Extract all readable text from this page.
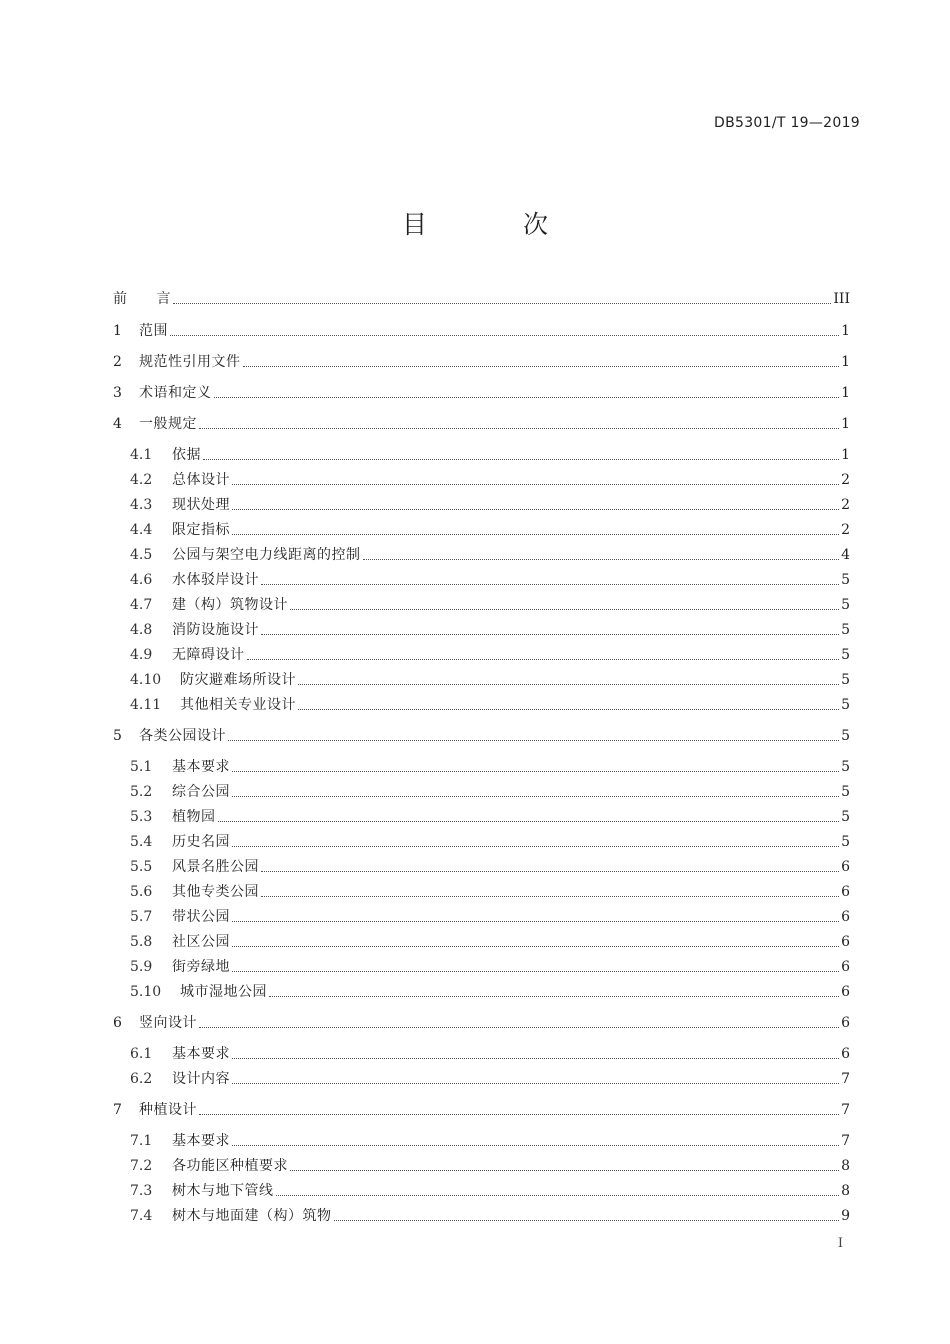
DB5301/T 19—2019
目 次
前　　言	III
1	范围	1
2	规范性引用文件	1
3	术语和定义	1
4	一般规定	1
4.1	依据	1
4.2	总体设计	2
4.3	现状处理	2
4.4	限定指标	2
4.5	公园与架空电力线距离的控制	4
4.6	水体驳岸设计	5
4.7	建（构）筑物设计	5
4.8	消防设施设计	5
4.9	无障碍设计	5
4.10	防灾避难场所设计	5
4.11	其他相关专业设计	5
5	各类公园设计	5
5.1	基本要求	5
5.2	综合公园	5
5.3	植物园	5
5.4	历史名园	5
5.5	风景名胜公园	6
5.6	其他专类公园	6
5.7	带状公园	6
5.8	社区公园	6
5.9	街旁绿地	6
5.10	城市湿地公园	6
6	竖向设计	6
6.1	基本要求	6
6.2	设计内容	7
7	种植设计	7
7.1	基本要求	7
7.2	各功能区种植要求	8
7.3	树木与地下管线	8
7.4	树木与地面建（构）筑物	9
I
